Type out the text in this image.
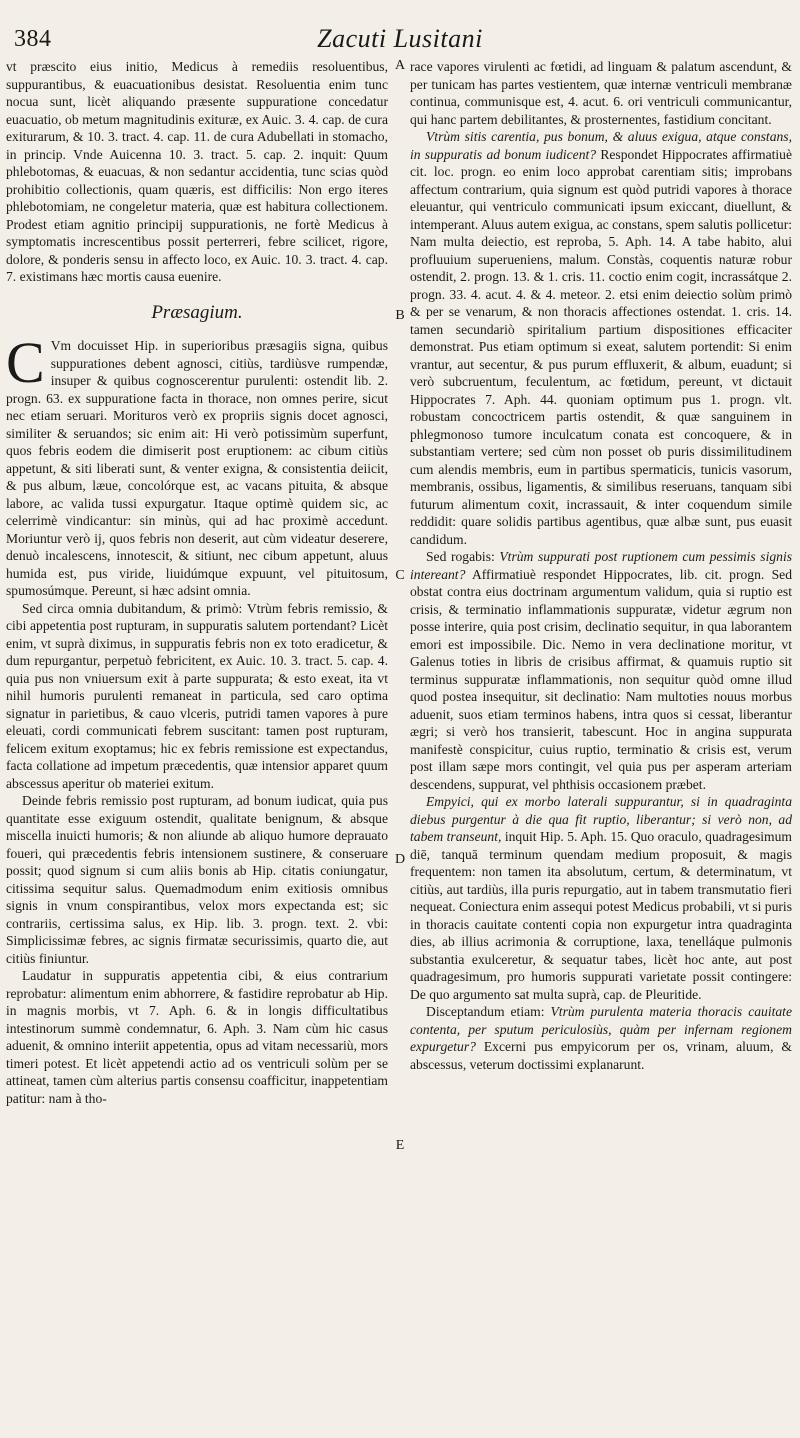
384	Zacuti Lusitani
A
B
C
D
E

vt præscito eius initio, Medicus à remediis resoluentibus, suppurantibus, & euacuationibus desistat. Resoluentia enim tunc nocua sunt, licèt aliquando præsente suppuratione concedatur euacuatio, ob metum magnitudinis exituræ, ex Auic. 3. 4. cap. de cura exiturarum, & 10. 3. tract. 4. cap. 11. de cura Adubellati in stomacho, in princip. Vnde Auicenna 10. 3. tract. 5. cap. 2. inquit: Quum phlebotomas, & euacuas, & non sedantur accidentia, tunc scias quòd prohibitio collectionis, quam quæris, est difficilis: Non ergo iteres phlebotomiam, ne congeletur materia, quæ est habitura collectionem. Prodest etiam agnitio principij suppurationis, ne fortè Medicus à symptomatis increscentibus possit perterreri, febre scilicet, rigore, dolore, & ponderis sensu in affecto loco, ex Auic. 10. 3. tract. 4. cap. 7. existimans hæc mortis causa euenire.

Præsagium.

C Vm docuisset Hip. in superioribus præsagiis signa, quibus suppurationes debent agnosci, citiùs, tardiùsve rumpendæ, insuper & quibus cognoscerentur purulenti: ostendit lib. 2. progn. 63. ex suppuratione facta in thorace, non omnes perire, sicut nec etiam seruari. Morituros verò ex propriis signis docet agnosci, similiter & seruandos; sic enim ait: Hi verò potissimùm superfunt, quos febris eodem die dimiserit post eruptionem: ac cibum citiùs appetunt, & siti liberati sunt, & venter exigna, & consistentia deiicit, & pus album, læue, concolórque est, ac vacans pituita, & absque labore, ac valida tussi expurgatur. Itaque optimè quidem sic, ac celerrimè vindicantur: sin minùs, qui ad hac proximè accedunt. Moriuntur verò ij, quos febris non deserit, aut cùm videatur deserere, denuò incalescens, innotescit, & sitiunt, nec cibum appetunt, aluus humida est, pus viride, liuidúmque expuunt, vel pituitosum, spumosúmque. Pereunt, si hæc adsint omnia.

Sed circa omnia dubitandum, & primò: Vtrùm febris remissio, & cibi appetentia post rupturam, in suppuratis salutem portendant? Licèt enim, vt suprà diximus, in suppuratis febris non ex toto eradicetur, & dum repurgantur, perpetuò febricitent, ex Auic. 10. 3. tract. 5. cap. 4. quia pus non vniuersum exit à parte suppurata; & esto exeat, ita vt nihil humoris purulenti remaneat in particula, sed caro optima signatur in parietibus, & cauo vlceris, putridi tamen vapores à pure eleuati, cordi communicati febrem suscitant: tamen post rupturam, felicem exitum exoptamus; hic ex febris remissione est expectandus, facta collatione ad impetum præcedentis, quæ intensior apparet quum abscessus aperitur ob materiei exitum.

Deinde febris remissio post rupturam, ad bonum iudicat, quia pus quantitate esse exiguum ostendit, qualitate benignum, & absque miscella inuicti humoris; & non aliunde ab aliquo humore deprauato foueri, qui præcedentis febris intensionem sustinere, & conseruare possit; quod signum si cum aliis bonis ab Hip. citatis coniungatur, citissima sequitur salus. Quemadmodum enim exitiosis omnibus signis in vnum conspirantibus, velox mors expectanda est; sic contrariis, certissima salus, ex Hip. lib. 3. progn. text. 2. vbi: Simplicissimæ febres, ac signis firmatæ securissimis, quarto die, aut citiùs finiuntur.

Laudatur in suppuratis appetentia cibi, & eius contrarium reprobatur: alimentum enim abhorrere, & fastidire reprobatur ab Hip. in magnis morbis, vt 7. Aph. 6. & in longis difficultatibus intestinorum summè condemnatur, 6. Aph. 3. Nam cùm hic casus aduenit, & omnino interiit appetentia, opus ad vitam necessariù, mors timeri potest. Et licèt appetendi actio ad os ventriculi solùm per se attineat, tamen cùm alterius partis consensu coafficitur, inappetentiam patitur: nam à tho-

race vapores virulenti ac fœtidi, ad linguam & palatum ascendunt, & per tunicam has partes vestientem, quæ internæ ventriculi membranæ continua, communisque est, 4. acut. 6. ori ventriculi communicantur, qui hanc partem debilitantes, & prosternentes, fastidium concitant.

Vtrùm sitis carentia, pus bonum, & aluus exigua, atque constans, in suppuratis ad bonum iudicent? Respondet Hippocrates affirmatiuè cit. loc. progn. eo enim loco approbat carentiam sitis; improbans affectum contrarium, quia signum est quòd putridi vapores à thorace eleuantur, qui ventriculo communicati ipsum exiccant, diuellunt, & intemperant. Aluus autem exigua, ac constans, spem salutis pollicetur: Nam multa deiectio, est reproba, 5. Aph. 14. A tabe habito, alui profluuium superueniens, malum. Constàs, coquentis naturæ robur ostendit, 2. progn. 13. & 1. cris. 11. coctio enim cogit, incrassátque 2. progn. 33. 4. acut. 4. & 4. meteor. 2. etsi enim deiectio solùm primò & per se venarum, & non thoracis affectiones ostendat. 1. cris. 14. tamen secundariò spiritalium partium dispositiones efficaciter demonstrat. Pus etiam optimum si exeat, salutem portendit: Si enim vrantur, aut secentur, & pus purum effluxerit, & album, euadunt; si verò subcruentum, feculentum, ac fœtidum, pereunt, vt dictauit Hippocrates 7. Aph. 44. quoniam optimum pus 1. progn. vlt. robustam concoctricem partis ostendit, & quæ sanguinem in phlegmonoso tumore inculcatum conata est concoquere, & in substantiam vertere; sed cùm non posset ob puris dissimilitudinem cum alendis membris, eum in partibus spermaticis, tunicis vasorum, membranis, ossibus, ligamentis, & similibus reseruans, tanquam sibi futurum alimentum coxit, incrassauit, & inter coquendum simile reddidit: quare solidis partibus agentibus, quæ albæ sunt, pus euasit candidum.

Sed rogabis: Vtrùm suppurati post ruptionem cum pessimis signis intereant? Affirmatiuè respondet Hippocrates, lib. cit. progn. Sed obstat contra eius doctrinam argumentum validum, quia si ruptio est crisis, & terminatio inflammationis suppuratæ, videtur ægrum non posse interire, quia post crisim, declinatio sequitur, in qua laborantem emori est impossibile. Dic. Nemo in vera declinatione moritur, vt Galenus toties in libris de crisibus affirmat, & quamuis ruptio sit terminus suppuratæ inflammationis, non sequitur quòd omne illud quod postea insequitur, sit declinatio: Nam multoties nouus morbus aduenit, suos etiam terminos habens, intra quos si cessat, liberantur ægri; si verò hos transierit, tabescunt. Hoc in angina suppurata manifestè conspicitur, cuius ruptio, terminatio & crisis est, verum post illam sæpe mors contingit, vel quia pus per asperam arteriam descendens, suppurat, vel phthisis occasionem præbet.

Empyici, qui ex morbo laterali suppurantur, si in quadraginta diebus purgentur à die qua fit ruptio, liberantur; si verò non, ad tabem transeunt, inquit Hip. 5. Aph. 15. Quo oraculo, quadragesimum diē, tanquā terminum quendam medium proposuit, & magis frequentem: non tamen ita absolutum, certum, & determinatum, vt citiùs, aut tardiùs, illa puris repurgatio, aut in tabem transmutatio fieri nequeat. Coniectura enim assequi potest Medicus probabili, vt si puris in thoracis cauitate contenti copia non expurgetur intra quadraginta dies, ab illius acrimonia & corruptione, laxa, tenelláque pulmonis substantia exulceretur, & sequatur tabes, licèt hoc ante, aut post quadragesimum, pro humoris suppurati varietate possit contingere: De quo argumento sat multa suprà, cap. de Pleuritide.

Disceptandum etiam: Vtrùm purulenta materia thoracis cauitate contenta, per sputum periculosiùs, quàm per infernam regionem expurgetur? Excerni pus empyicorum per os, vrinam, aluum, & abscessus, veterum doctissimi explanarunt.
